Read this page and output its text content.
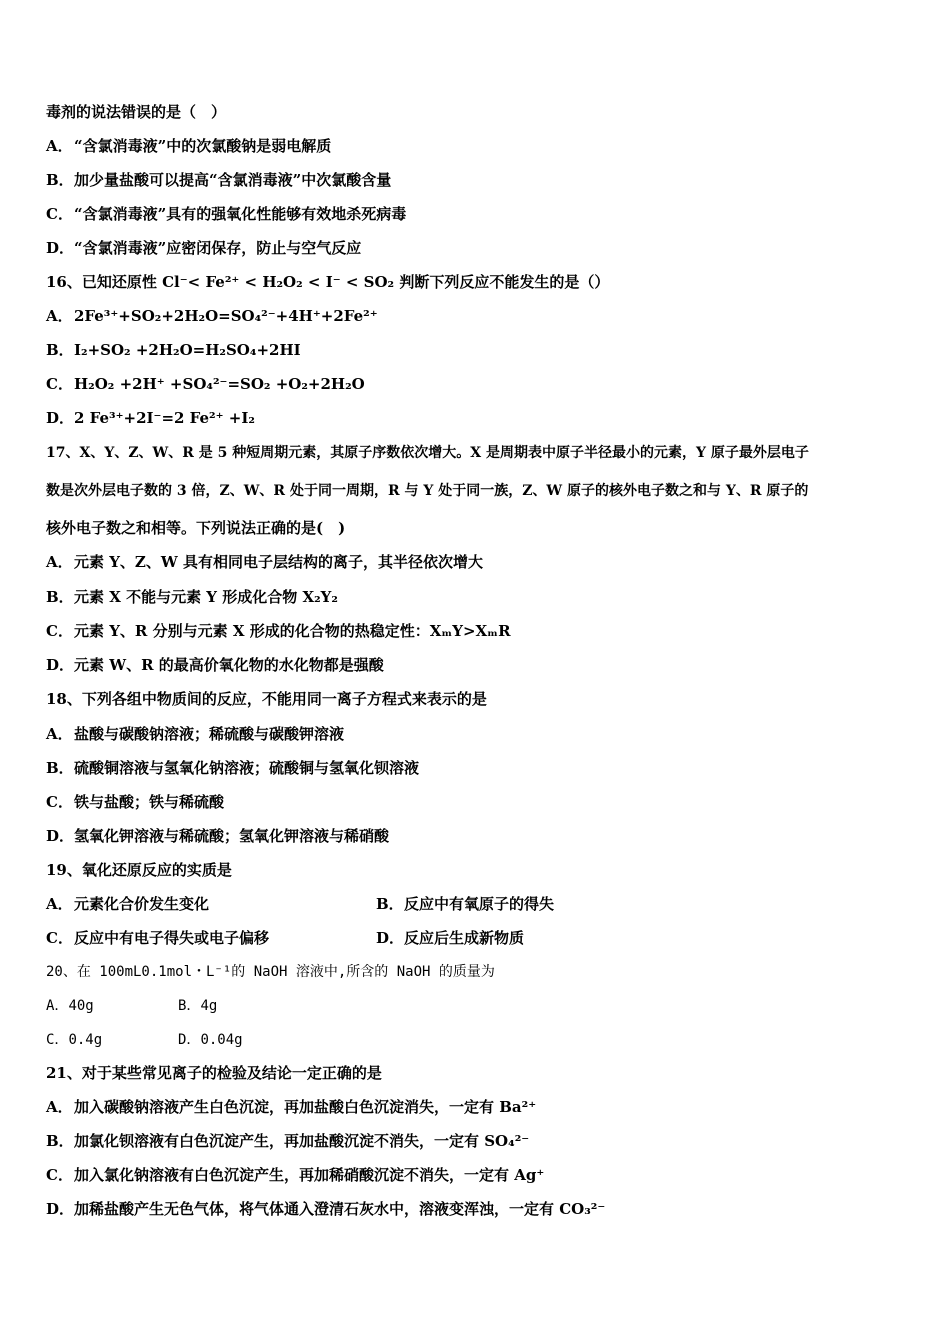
毒剂的说法错误的是（　）
A．“含氯消毒液”中的次氯酸钠是弱电解质
B．加少量盐酸可以提高“含氯消毒液”中次氯酸含量
C．“含氯消毒液”具有的强氧化性能够有效地杀死病毒
D．“含氯消毒液”应密闭保存，防止与空气反应
16、已知还原性 Cl⁻< Fe²⁺ < H₂O₂ < I⁻ < SO₂ 判断下列反应不能发生的是（）
A．2Fe³⁺+SO₂+2H₂O=SO₄²⁻+4H⁺+2Fe²⁺
B．I₂+SO₂ +2H₂O=H₂SO₄+2HI
C．H₂O₂ +2H⁺ +SO₄²⁻=SO₂ +O₂+2H₂O
D．2 Fe³⁺+2I⁻=2 Fe²⁺ +I₂
17、X、Y、Z、W、R 是 5 种短周期元素，其原子序数依次增大。X 是周期表中原子半径最小的元素，Y 原子最外层电子
数是次外层电子数的 3 倍，Z、W、R 处于同一周期，R 与 Y 处于同一族，Z、W 原子的核外电子数之和与 Y、R 原子的
核外电子数之和相等。下列说法正确的是(　)
A．元素 Y、Z、W 具有相同电子层结构的离子，其半径依次增大
B．元素 X 不能与元素 Y 形成化合物 X₂Y₂
C．元素 Y、R 分别与元素 X 形成的化合物的热稳定性：XₘY>XₘR
D．元素 W、R 的最高价氧化物的水化物都是强酸
18、下列各组中物质间的反应，不能用同一离子方程式来表示的是
A．盐酸与碳酸钠溶液；稀硫酸与碳酸钾溶液
B．硫酸铜溶液与氢氧化钠溶液；硫酸铜与氢氧化钡溶液
C．铁与盐酸；铁与稀硫酸
D．氢氧化钾溶液与稀硫酸；氢氧化钾溶液与稀硝酸
19、氧化还原反应的实质是
A．元素化合价发生变化	B．反应中有氧原子的得失
C．反应中有电子得失或电子偏移	D．反应后生成新物质
20、在 100mL0.1mol・L⁻¹的 NaOH 溶液中,所含的 NaOH 的质量为
A．40g	B．4g
C．0.4g	D．0.04g
21、对于某些常见离子的检验及结论一定正确的是
A．加入碳酸钠溶液产生白色沉淀，再加盐酸白色沉淀消失，一定有 Ba²⁺
B．加氯化钡溶液有白色沉淀产生，再加盐酸沉淀不消失，一定有 SO₄²⁻
C．加入氯化钠溶液有白色沉淀产生，再加稀硝酸沉淀不消失，一定有 Ag⁺
D．加稀盐酸产生无色气体，将气体通入澄清石灰水中，溶液变浑浊，一定有 CO₃²⁻
